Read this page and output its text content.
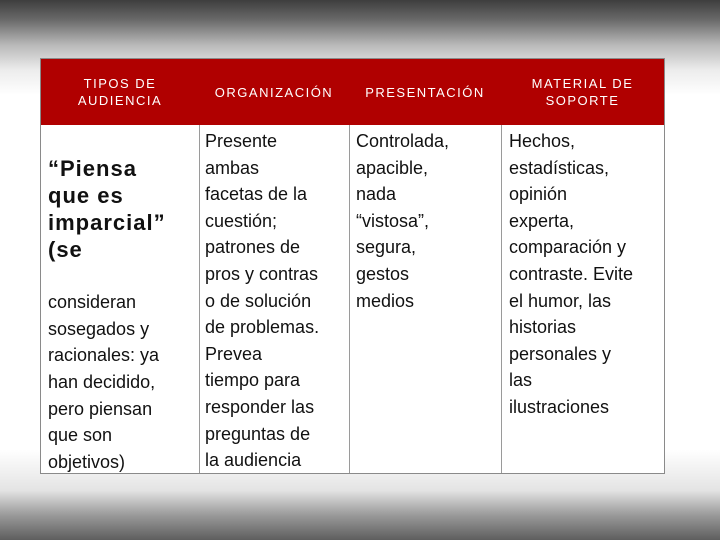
TIPOS DE
AUDIENCIA
ORGANIZACIÓN	PRESENTACIÓN
MATERIAL DE
SOPORTE

“Piensa
que es
imparcial”
(se

consideran
sosegados y
racionales: ya
han decidido,
pero piensan
que son
objetivos)

Presente
ambas
facetas de la
cuestión;
patrones de
pros y contras
o de solución
de problemas.
Prevea
tiempo para
responder las
preguntas de
la audiencia
Controlada,
apacible,
nada
“vistosa”,
segura,
gestos
medios
Hechos,
estadísticas,
opinión
experta,
comparación y
contraste. Evite
el humor, las
historias
personales y
las
ilustraciones
